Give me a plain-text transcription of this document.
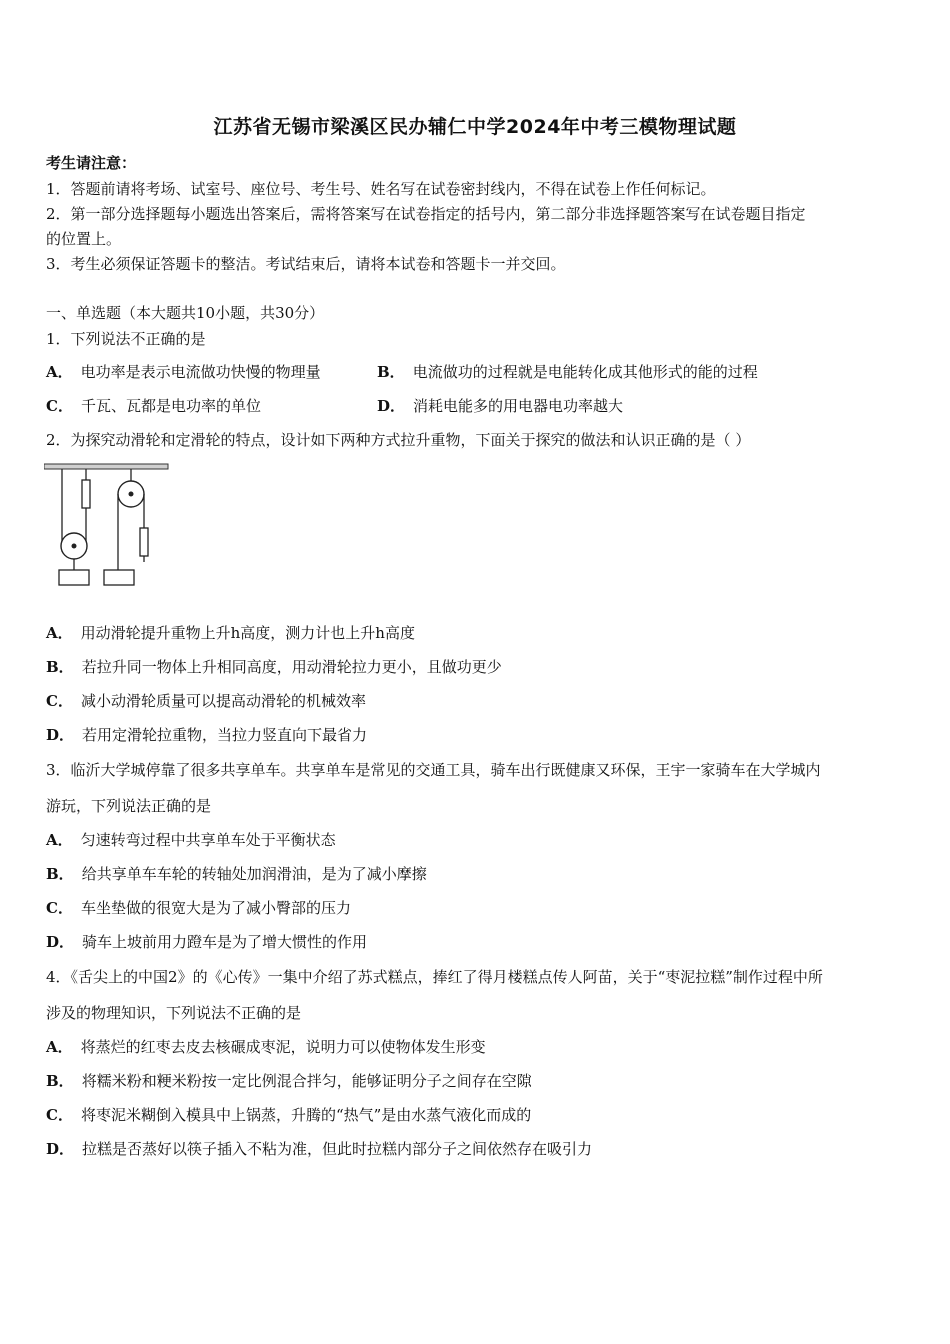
江苏省无锡市梁溪区民办辅仁中学2024年中考三模物理试题
考生请注意：
1．答题前请将考场、试室号、座位号、考生号、姓名写在试卷密封线内，不得在试卷上作任何标记。
2．第一部分选择题每小题选出答案后，需将答案写在试卷指定的括号内，第二部分非选择题答案写在试卷题目指定
的位置上。
3．考生必须保证答题卡的整洁。考试结束后，请将本试卷和答题卡一并交回。
一、单选题（本大题共10小题，共30分）
1．下列说法不正确的是
A． 电功率是表示电流做功快慢的物理量	B． 电流做功的过程就是电能转化成其他形式的能的过程
C． 千瓦、瓦都是电功率的单位	D． 消耗电能多的用电器电功率越大
2．为探究动滑轮和定滑轮的特点，设计如下两种方式拉升重物，下面关于探究的做法和认识正确的是（ ）
A． 用动滑轮提升重物上升h高度，测力计也上升h高度
B． 若拉升同一物体上升相同高度，用动滑轮拉力更小，且做功更少
C． 减小动滑轮质量可以提高动滑轮的机械效率
D． 若用定滑轮拉重物，当拉力竖直向下最省力
3．临沂大学城停靠了很多共享单车。共享单车是常见的交通工具，骑车出行既健康又环保，王宇一家骑车在大学城内
游玩，下列说法正确的是
A． 匀速转弯过程中共享单车处于平衡状态
B． 给共享单车车轮的转轴处加润滑油，是为了减小摩擦
C． 车坐垫做的很宽大是为了减小臀部的压力
D． 骑车上坡前用力蹬车是为了增大惯性的作用
4．《舌尖上的中国2》的《心传》一集中介绍了苏式糕点，捧红了得月楼糕点传人阿苗，关于“枣泥拉糕”制作过程中所
涉及的物理知识，下列说法不正确的是
A． 将蒸烂的红枣去皮去核碾成枣泥，说明力可以使物体发生形变
B． 将糯米粉和粳米粉按一定比例混合拌匀，能够证明分子之间存在空隙
C． 将枣泥米糊倒入模具中上锅蒸，升腾的“热气”是由水蒸气液化而成的
D． 拉糕是否蒸好以筷子插入不粘为准，但此时拉糕内部分子之间依然存在吸引力
